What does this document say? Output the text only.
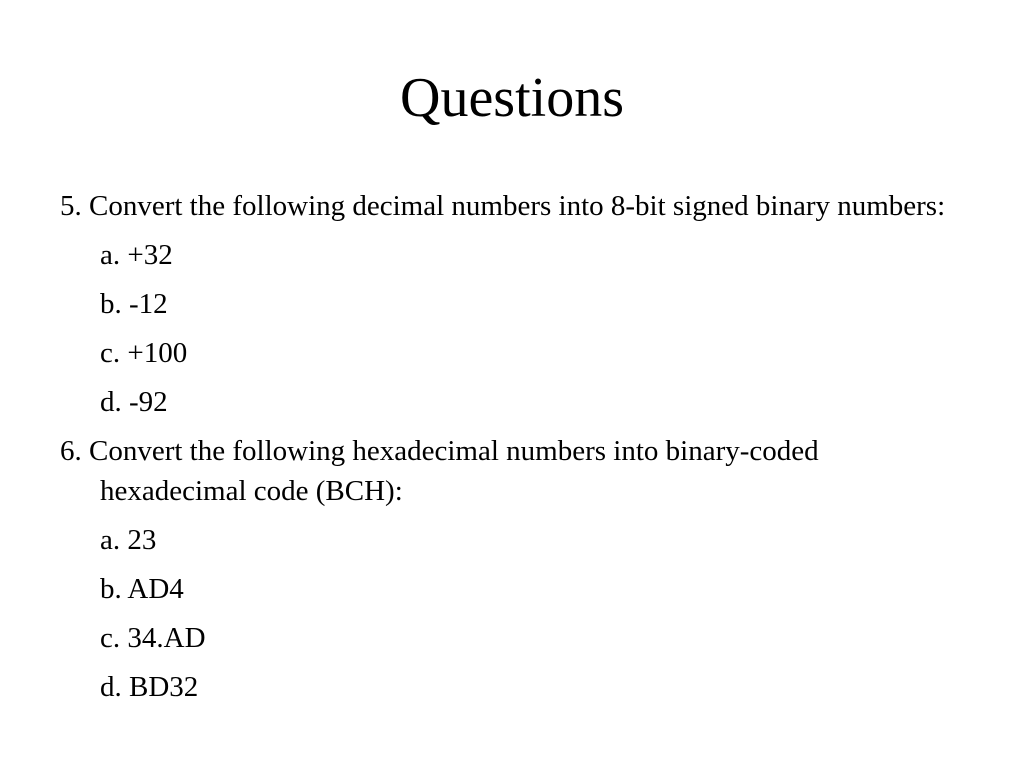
Questions

5. Convert the following decimal numbers into 8-bit signed binary numbers:

a. +32

b. -12

c. +100

d. -92

6. Convert the following hexadecimal numbers into binary-coded hexadecimal code (BCH):

a. 23

b. AD4

c. 34.AD

d. BD32
